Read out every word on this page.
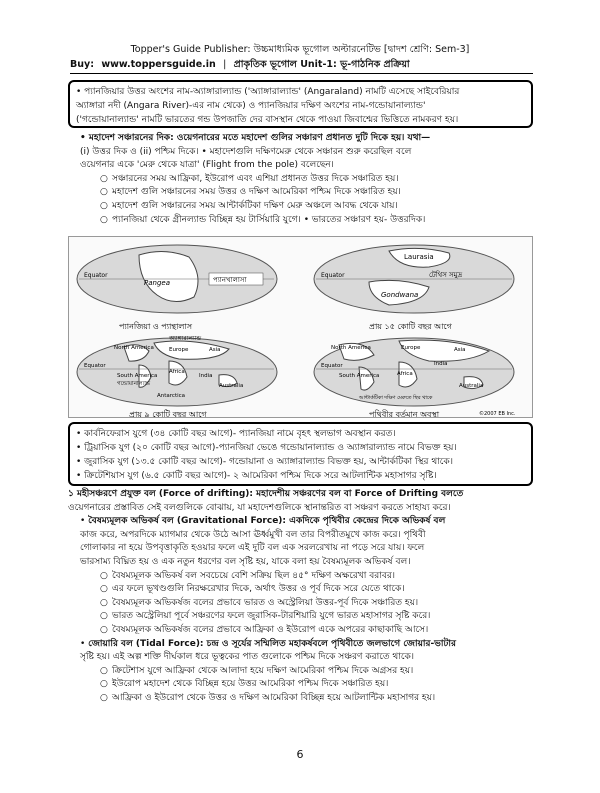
Topper's Guide Publisher: উচ্চমাধ্যমিক ভূগোল অল্টারনেটিভ [দ্বাদশ শ্রেণি: Sem-3]
Buy: www.toppersguide.in | প্রাকৃতিক ভূগোল Unit-1: ভূ-গাঠনিক প্রক্রিয়া

• প্যানজিয়ার উত্তর অংশের নাম-অ্যাঙ্গারাল্যান্ড ('অ্যাঙ্গারাল্যান্ড' (Angaraland) নামটি এসেছে সাইবেরিয়ার

অ্যাঙ্গারা নদী (Angara River)-এর নাম থেকে) ও প্যানজিয়ার দক্ষিণ অংশের নাম-গন্ডোয়ানাল্যান্ড'

('গন্ডোয়ানাল্যান্ড' নামটি ভারতের গন্ড উপজাতি দের বাসস্থান থেকে পাওয়া জিবাশ্মের ভিত্তিতে নামকরণ হয়।

• মহাদেশ সঞ্চারনের দিক: ওয়েগনারের মতে মহাদেশ গুলির সঞ্চারণ প্রধানত দুটি দিকে হয়। যথা—

(i) উত্তর দিক ও (ii) পশ্চিম দিকে। • মহাদেশগুলি দক্ষিণমেরু থেকে সঞ্চারন শুরু করেছিল বলে

ওয়েগনার একে 'মেরু থেকে যাত্রা' (Flight from the pole) বলেছেন।

○ সঞ্চারনের সময় আফ্রিকা, ইউরোপ এবং এশিয়া প্রধানত উত্তর দিকে সঞ্চারিত হয়।

○ মহাদেশ গুলি সঞ্চারনের সময় উত্তর ও দক্ষিণ আমেরিকা পশ্চিম দিকে সঞ্চারিত হয়।

○ মহাদেশ গুলি সঞ্চারনের সময় আন্টার্কটিকা দক্ষিণ মেরু অঞ্চলে আবদ্ধ থেকে যায়।

○ প্যানজিয়া থেকে গ্রীনল্যান্ড বিচ্ছিন্ন হয় টার্সিয়ারি যুগে। • ভারতের সঞ্চারণ হয়- উত্তরদিক।

Equator
Pangea	প্যানখালাসা
প্যানজিয়া ও প্যান্থালাস
Equator
Laurasia
টেথিস সমুদ্র
Gondwana
প্রায় ১৫ কোটি বছর আগে
Equator
অ্যাঙ্গারাল্যান্ড
North America	Europe	Asia
Africa
South America
গন্ডোয়ানাল্যান্ড
India
Australia
Antarctica
প্রায় ৯ কোটি বছর আগে
Equator
North America	Europe	Asia
Africa
South America
India
Australia
আন্টার্কটিকা দক্ষিণ মেরুতে স্থির থাকে
পৃথিবীর বর্তমান অবস্থা	©2007 EB Inc.

• কার্বনিফেরাস যুগে (৩৪ কোটি বছর আগে)- প্যানজিয়া নামে বৃহৎ স্থলভাগ অবস্থান করত।

• ট্রিয়াসিক যুগ (২০ কোটি বছর আগে)-প্যানজিয়া ভেঙে গন্ডোয়ানাল্যান্ড ও অ্যাঙ্গারাল্যান্ড নামে বিভক্ত হয়।

• জুরাসিক যুগ (১৩.৫ কোটি বছর আগে)- গন্ডোয়ানা ও অ্যাঙ্গারাল্যান্ড বিভক্ত হয়, আন্টার্কটিকা স্থির থাকে।

• ক্রিটেশিয়াস যুগ (৬.৫ কোটি বছর আগে)- ২ আমেরিকা পশ্চিম দিকে সরে আটলান্টিক মহাসাগর সৃষ্টি।

১ মহীসঞ্চরণে প্রযুক্ত বল (Force of drifting): মহাদেশীয় সঞ্চরণের বল বা Force of Drifting বলতে

ওয়েগনারের প্রস্তাবিত সেই বলগুলিকে বোঝায়, যা মহাদেশগুলিকে স্থানান্তরিত বা সঞ্চরণ করতে সাহায্য করে।

• বৈষম্যমূলক অভিকর্ষ বল (Gravitational Force): একদিকে পৃথিবীর কেন্দ্রের দিকে অভিকর্ষ বল

কাজ করে, অপরদিকে ম্যাগমার থেকে উঠে আসা ঊর্ধ্বমুখী বল তার বিপরীতমুখে কাজ করে। পৃথিবী

গোলাকার না হয়ে উপবৃত্তাকৃতি হওয়ার ফলে এই দুটি বল এক সরলরেখায় না পড়ে সরে যায়। ফলে

ভারসাম্য বিঘ্নিত হয় ও এক নতুন ধরণের বল সৃষ্টি হয়, যাকে বলা হয় বৈষম্যমূলক অভিকর্ষ বল।

○ বৈষম্যমূলক অভিকর্ষ বল সবচেয়ে বেশি সক্রিয় ছিল ৪৫° দক্ষিণ অক্ষরেখা বরাবর।

○ এর ফলে ভূখণ্ডগুলি নিরক্ষরেখার দিকে, অর্থাৎ উত্তর ও পূর্ব দিকে সরে যেতে থাকে।

○ বৈষম্যমূলক অভিকর্ষজ বলের প্রভাবে ভারত ও অস্ট্রেলিয়া উত্তর-পূর্ব দিকে সঞ্চারিত হয়।

○ ভারত অস্ট্রেলিয়া পূর্বে সঞ্চরণের ফলে জুরাসিক-টারশিয়ারি যুগে ভারত মহাসাগর সৃষ্টি করে।

○ বৈষম্যমূলক অভিকর্ষজ বলের প্রভাবে আফ্রিকা ও ইউরোপ একে অপরের কাছাকাছি আসে।

• জোয়ারি বল (Tidal Force): চন্দ্র ও সূর্যের সম্মিলিত মহাকর্ষবলে পৃথিবীতে জলভাগে জোয়ার-ভাটার

সৃষ্টি হয়। এই অল্প শক্তি দীর্ঘকাল ধরে ভূত্বকের পাত গুলোকে পশ্চিম দিকে সঞ্চরণ করাতে থাকে।

○ ক্রিটেশাস যুগে আফ্রিকা থেকে আলাদা হয়ে দক্ষিণ আমেরিকা পশ্চিম দিকে অগ্রসর হয়।

○ ইউরোপ মহাদেশ থেকে বিচ্ছিন্ন হয়ে উত্তর আমেরিকা পশ্চিম দিকে সঞ্চারিত হয়।

○ আফ্রিকা ও ইউরোপ থেকে উত্তর ও দক্ষিণ আমেরিকা বিচ্ছিন্ন হয়ে আটলান্টিক মহাসাগর হয়।

6
